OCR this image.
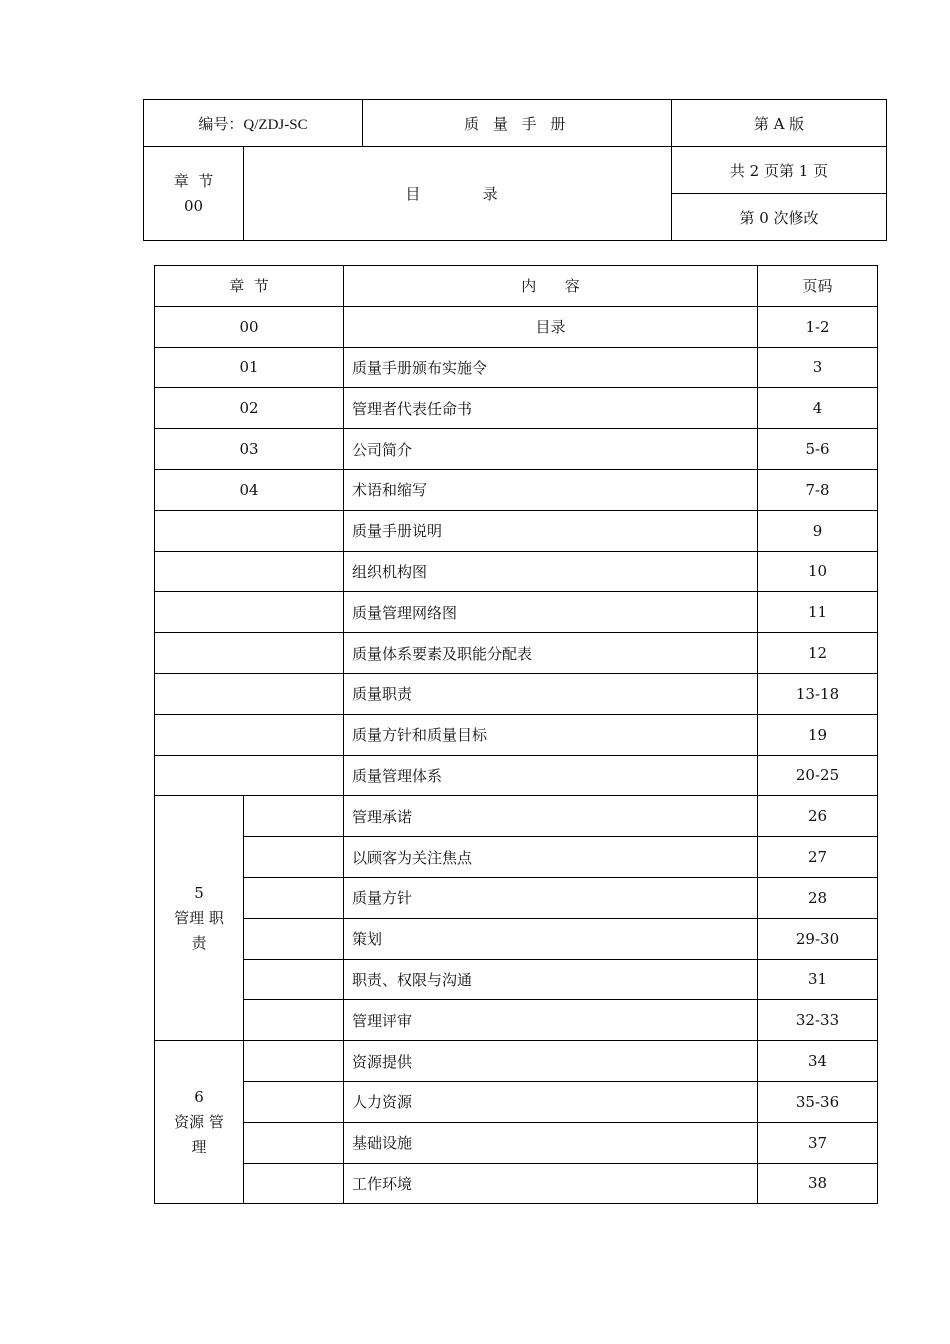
编号：Q/ZDJ-SC		质 量 手 册	第 A 版

章  节
00	目   录		共 2 页第 1 页
			第 0 次修改
章  节		内      容	页码
00		目录	1-2
01		质量手册颁布实施令	3
02		管理者代表任命书	4
03		公司简介	5-6
04		术语和缩写	7-8
		质量手册说明	9
		组织机构图	10
		质量管理网络图	11
		质量体系要素及职能分配表	12
		质量职责	13-18
		质量方针和质量目标	19
		质量管理体系	20-25

5
管理 职
责		管理承诺	26
		以顾客为关注焦点	27
		质量方针	28
		策划	29-30
		职责、权限与沟通	31
		管理评审	32-33

6
资源 管
理		资源提供	34
		人力资源	35-36
		基础设施	37
		工作环境	38
